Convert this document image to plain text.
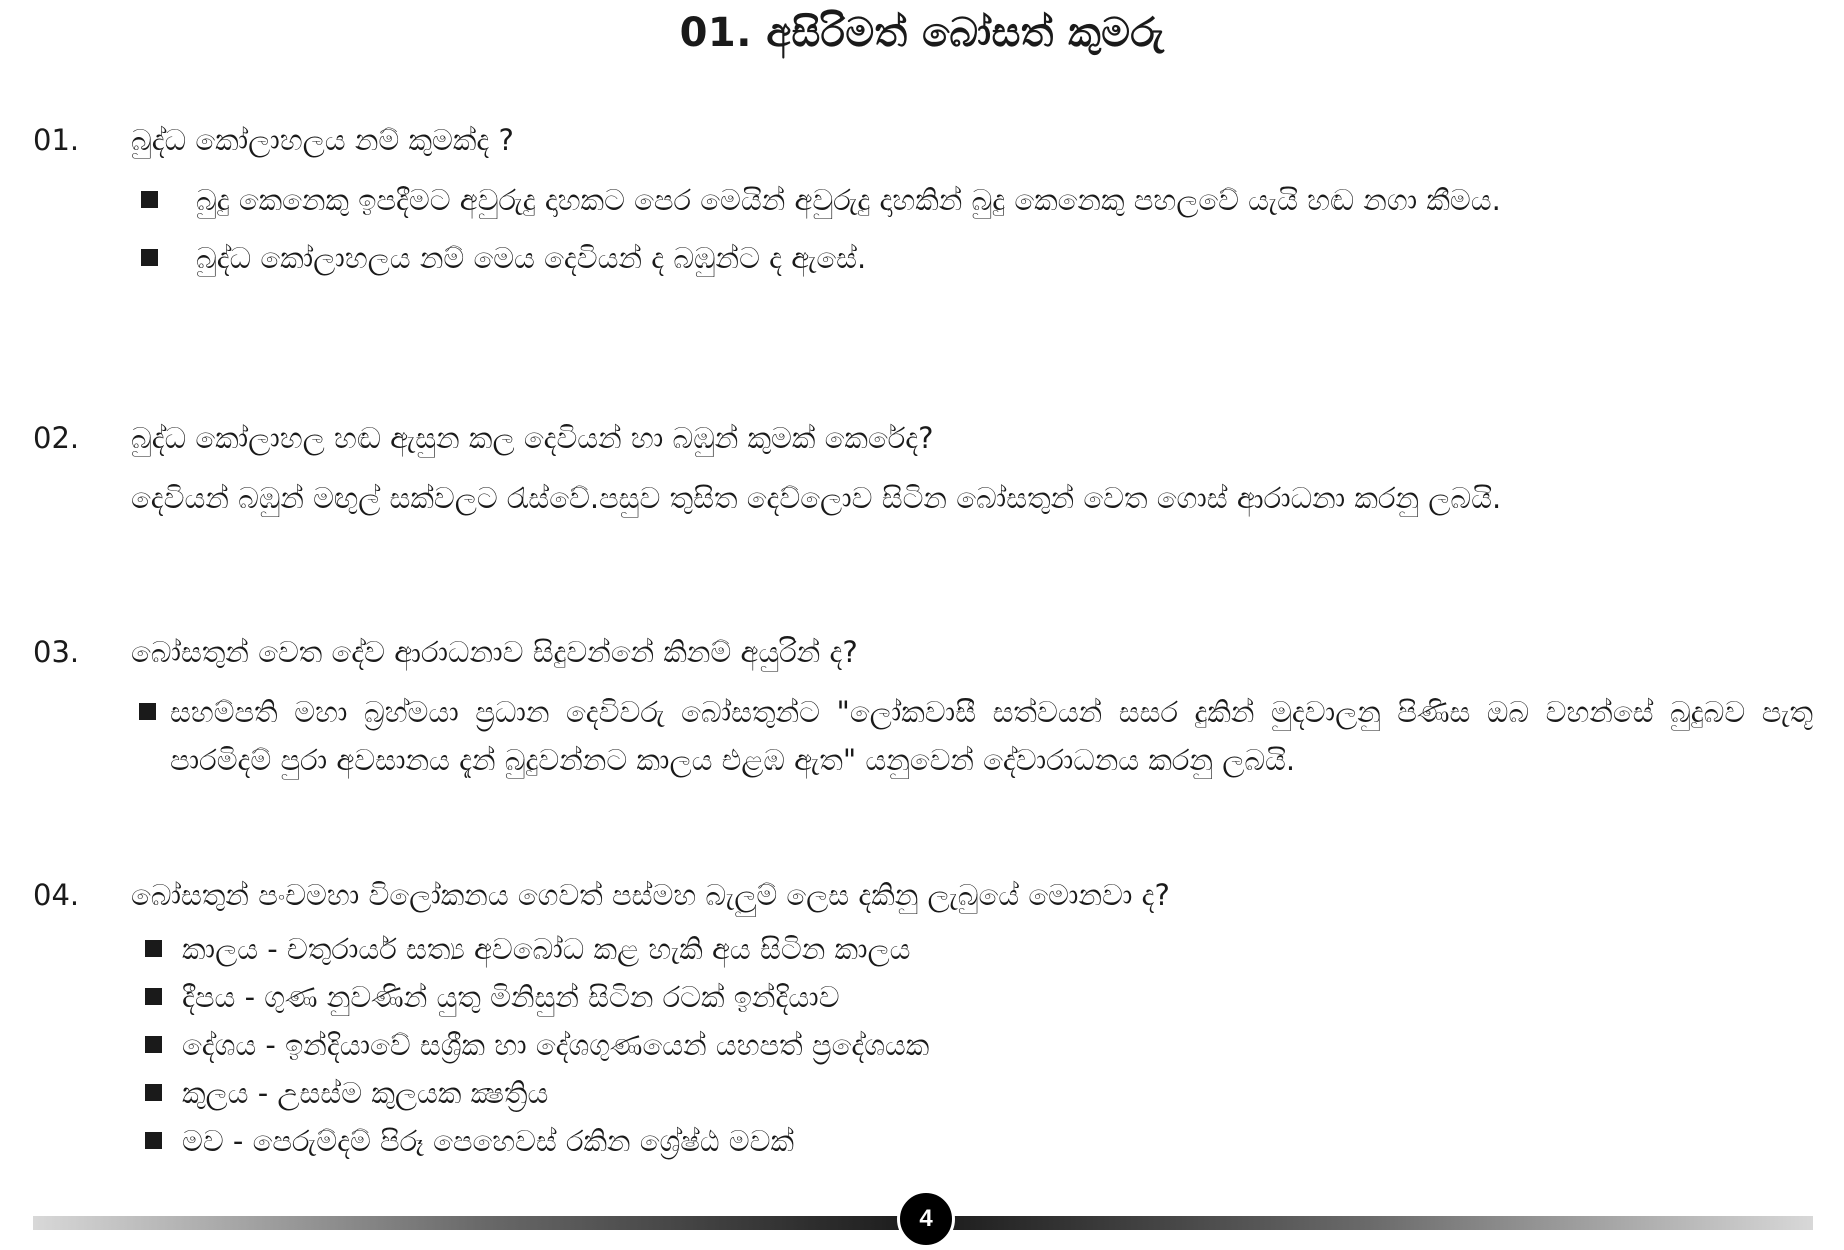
01. අසිරිමත් බෝසත් කුමරු
01.	බුද්ධ කෝලාහලය නම් කුමක්ද ?
බුදු කෙනෙකු ඉපදීමට අවුරුදු දාහකට පෙර මෙයින් අවුරුදු දාහකින් බුදු කෙනෙකු පහලවේ යැයි හඬ නගා කීමය.
බුද්ධ කෝලාහලය නම් මෙය දෙවියන් ද බඹුන්ට ද ඇසේ.
02.	බුද්ධ කෝලාහල හඬ ඇසුන කල දෙවියන් හා බඹුන් කුමක් කෙරේද?
දෙවියන් බඹුන් මඟුල් සක්වලට රැස්වේ.පසුව තුසිත දෙව්ලොව සිටින බෝසතුන් වෙත ගොස් ආරාධනා කරනු ලබයි.
03.	බෝසතුන් වෙත දේව ආරාධනාව සිදුවන්නේ කිනම් අයුරින් ද?
සහම්පති මහා බ්‍රහ්මයා ප්‍රධාන දෙවිවරු බෝසතුන්ට "ලෝකවාසී සත්වයන් සසර දුකින් මුදවාලනු පිණිස ඔබ වහන්සේ බුදුබව පැතූ පාරමිදම් පුරා අවසානය දැන් බුදුවන්නට කාලය එළඹ ඇත" යනුවෙන් දේවාරාධනය කරනු ලබයි.
04.	බෝසතුන් පංචමහා විලෝකනය ගෙවත් පස්මහ බැලුම් ලෙස දකිනු ලැබුයේ මොනවා ද?
කාලය - චතුරාර්ය සත්‍ය අවබෝධ කළ හැකි අය සිටින කාලය
දීපය - ගුණ නුවණින් යුතු මිනිසුන් සිටින රටක් ඉන්දියාව
දේශය - ඉන්දියාවේ සශ්‍රීක හා දේශගුණයෙන් යහපත් ප්‍රදේශයක
කුලය - උසස්ම කුලයක ක්‍ෂත්‍රිය
මව - පෙරුම්දම් පිරූ පෙහෙවස් රකින ශ්‍රේෂ්ඨ මවක්
4
